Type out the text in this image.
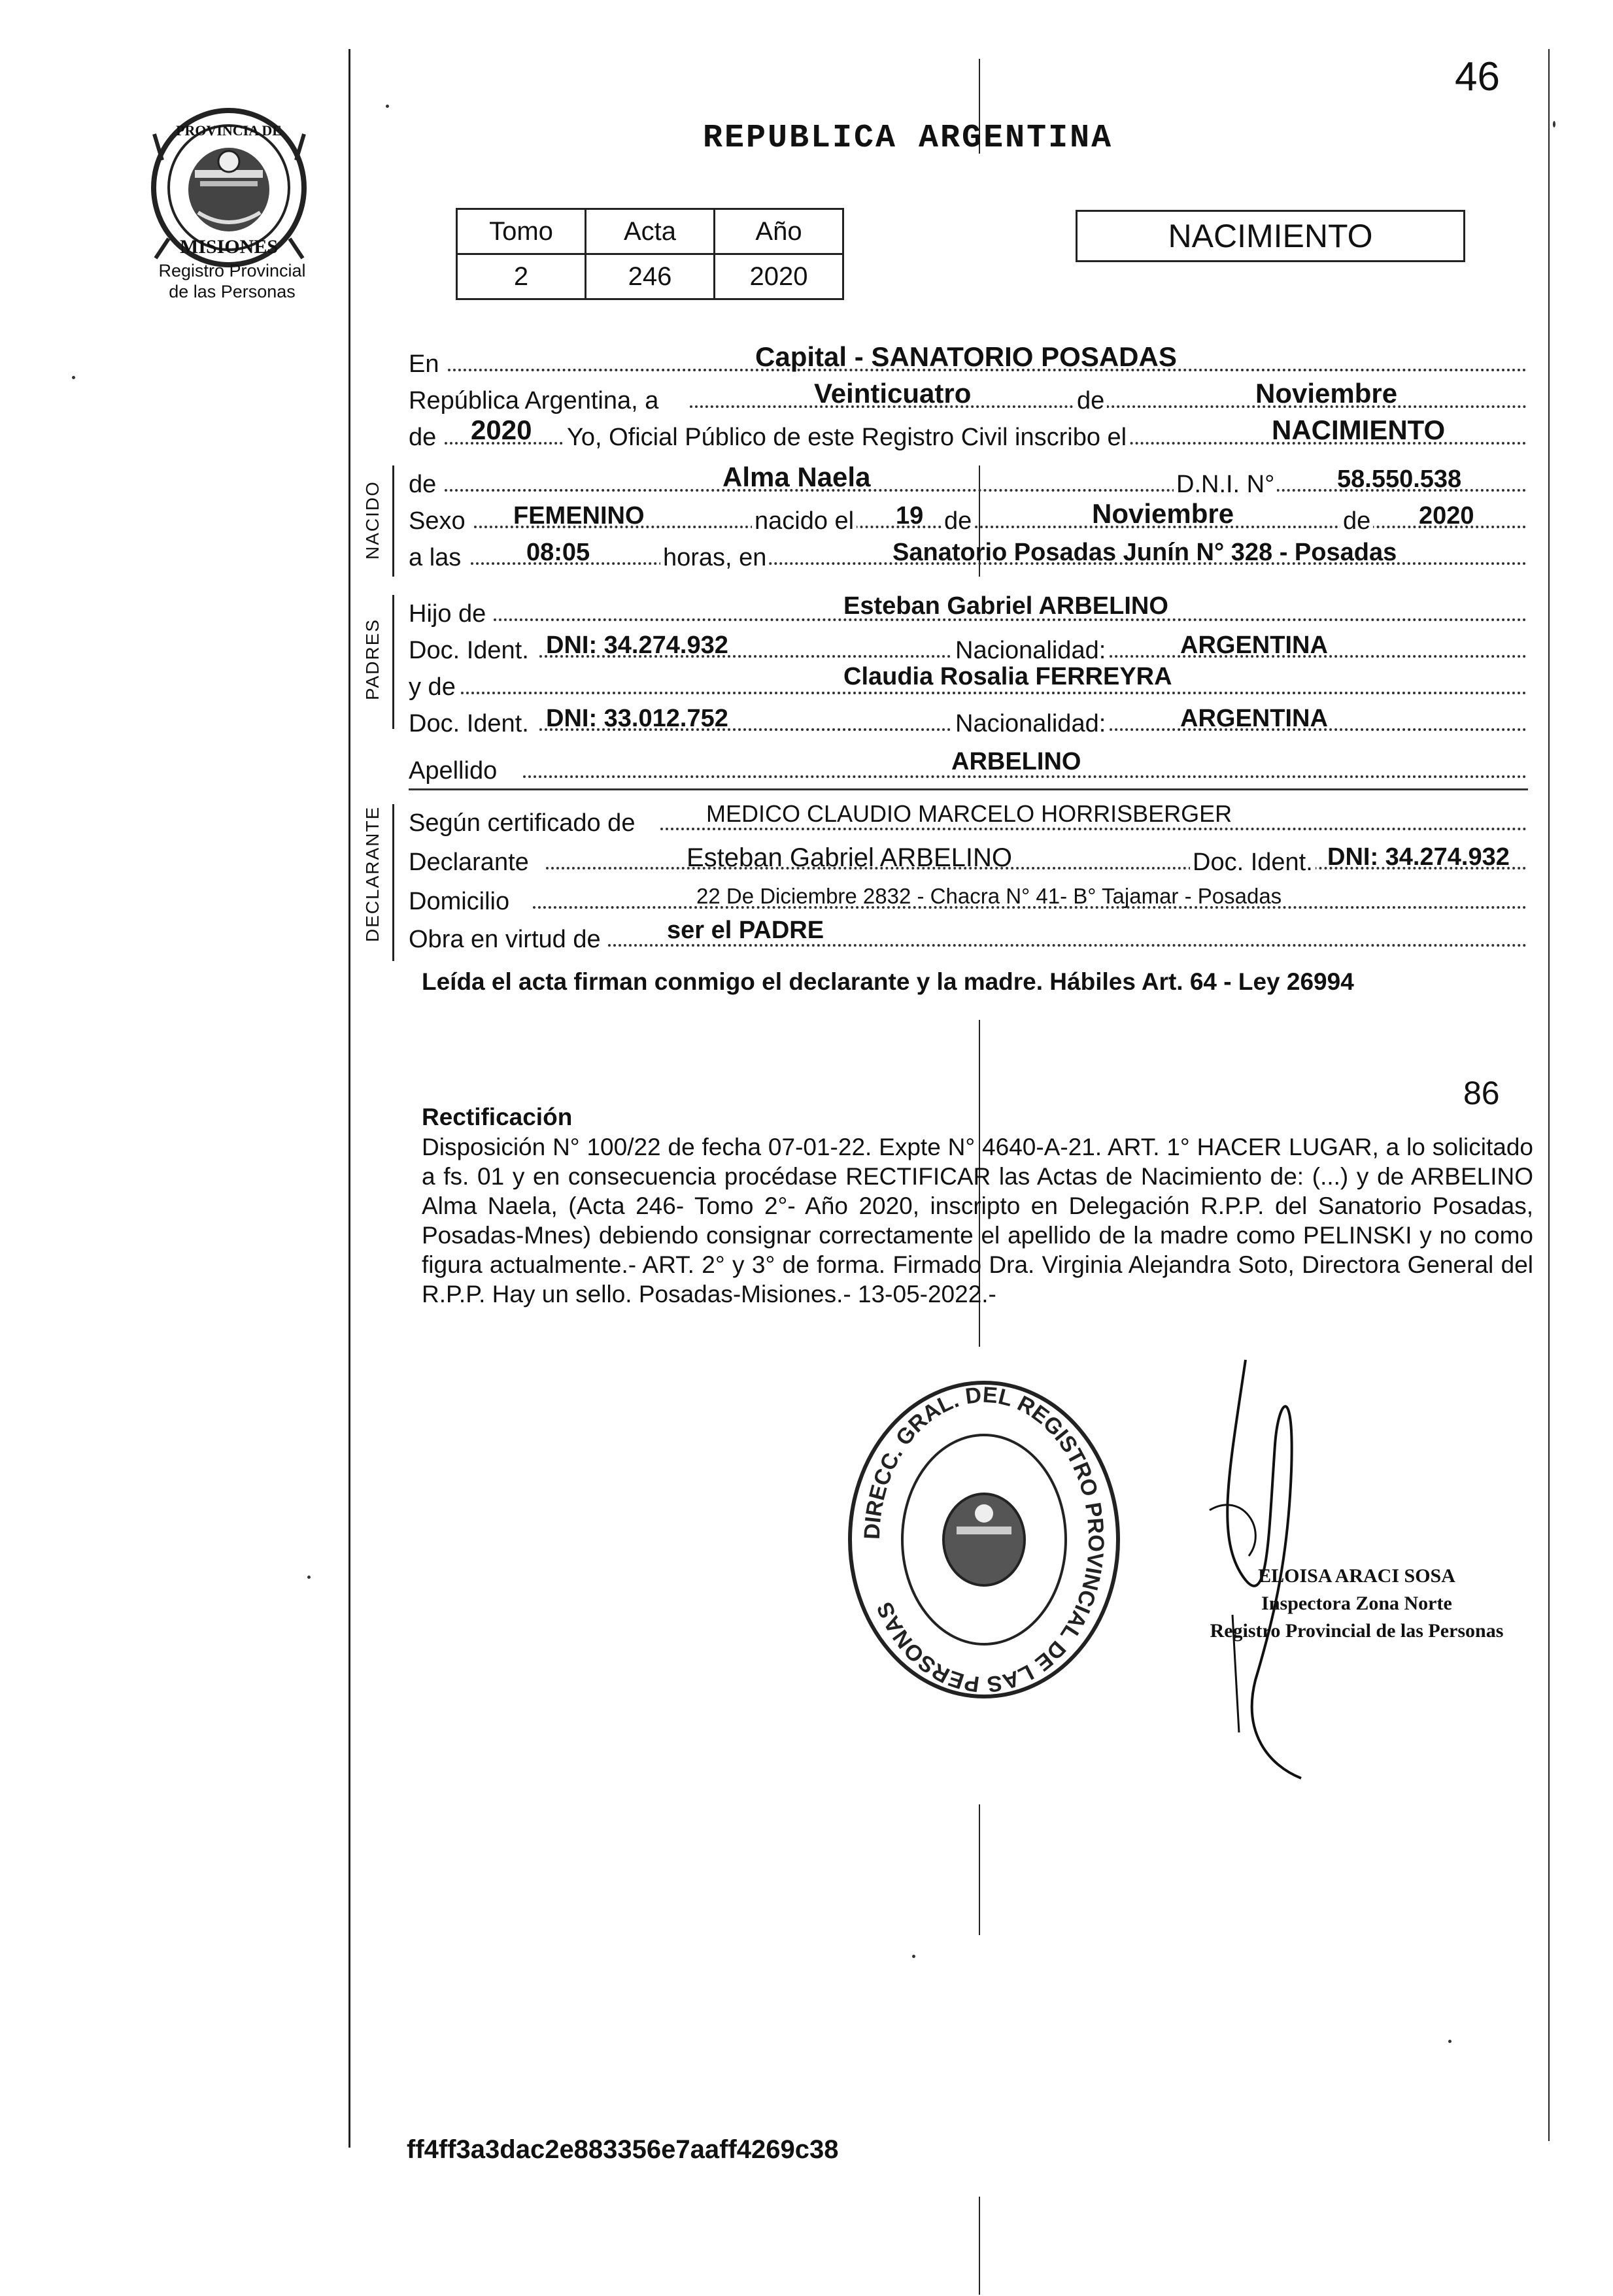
PROVINCIA DE
MISIONES
Registro Provincial
de las Personas
46
REPUBLICA ARGENTINA
Tomo	Acta	Año
2	246	2020
NACIMIENTO
En	Capital - SANATORIO POSADAS
República Argentina, a	Veinticuatro	de	Noviembre
de 2020 Yo, Oficial Público de este Registro Civil inscribo el	NACIMIENTO
NACIDO de	Alma Naela	D.N.I. N°	58.550.538
Sexo FEMENINO	nacido el 19 de	Noviembre	de 2020
a las	08:05	horas, en	Sanatorio Posadas Junín N° 328 - Posadas
PADRES
Hijo de	Esteban Gabriel ARBELINO
Doc. Ident. DNI: 34.274.932	Nacionalidad:	ARGENTINA
y de	Claudia Rosalia FERREYRA
Doc. Ident. DNI: 33.012.752	Nacionalidad:	ARGENTINA
Apellido	ARBELINO
DECLARANTE Según certificado de	MEDICO CLAUDIO MARCELO HORRISBERGER
Declarante	Esteban Gabriel ARBELINO	Doc. Ident. DNI: 34.274.932
Domicilio	22 De Diciembre 2832 - Chacra N° 41- B° Tajamar - Posadas
Obra en virtud de	ser el PADRE
Leída el acta firman conmigo el declarante y la madre. Hábiles Art. 64 - Ley 26994
86
Rectificación
Disposición N° 100/22 de fecha 07-01-22. Expte N° 4640-A-21. ART. 1° HACER LUGAR, a lo solicitado a fs. 01 y en consecuencia procédase RECTIFICAR las Actas de Nacimiento de: (...) y de ARBELINO Alma Naela, (Acta 246- Tomo 2°- Año 2020, inscripto en Delegación R.P.P. del Sanatorio Posadas, Posadas-Mnes) debiendo consignar correctamente el apellido de la madre como PELINSKI y no como figura actualmente.- ART. 2° y 3° de forma. Firmado Dra. Virginia Alejandra Soto, Directora General del R.P.P. Hay un sello. Posadas-Misiones.- 13-05-2022.-
DIRECC. GRAL. DEL REGISTRO PROVINCIAL DE LAS PERSONAS
ELOISA ARACI SOSA
Inspectora Zona Norte
Registro Provincial de las Personas
ff4ff3a3dac2e883356e7aaff4269c38
